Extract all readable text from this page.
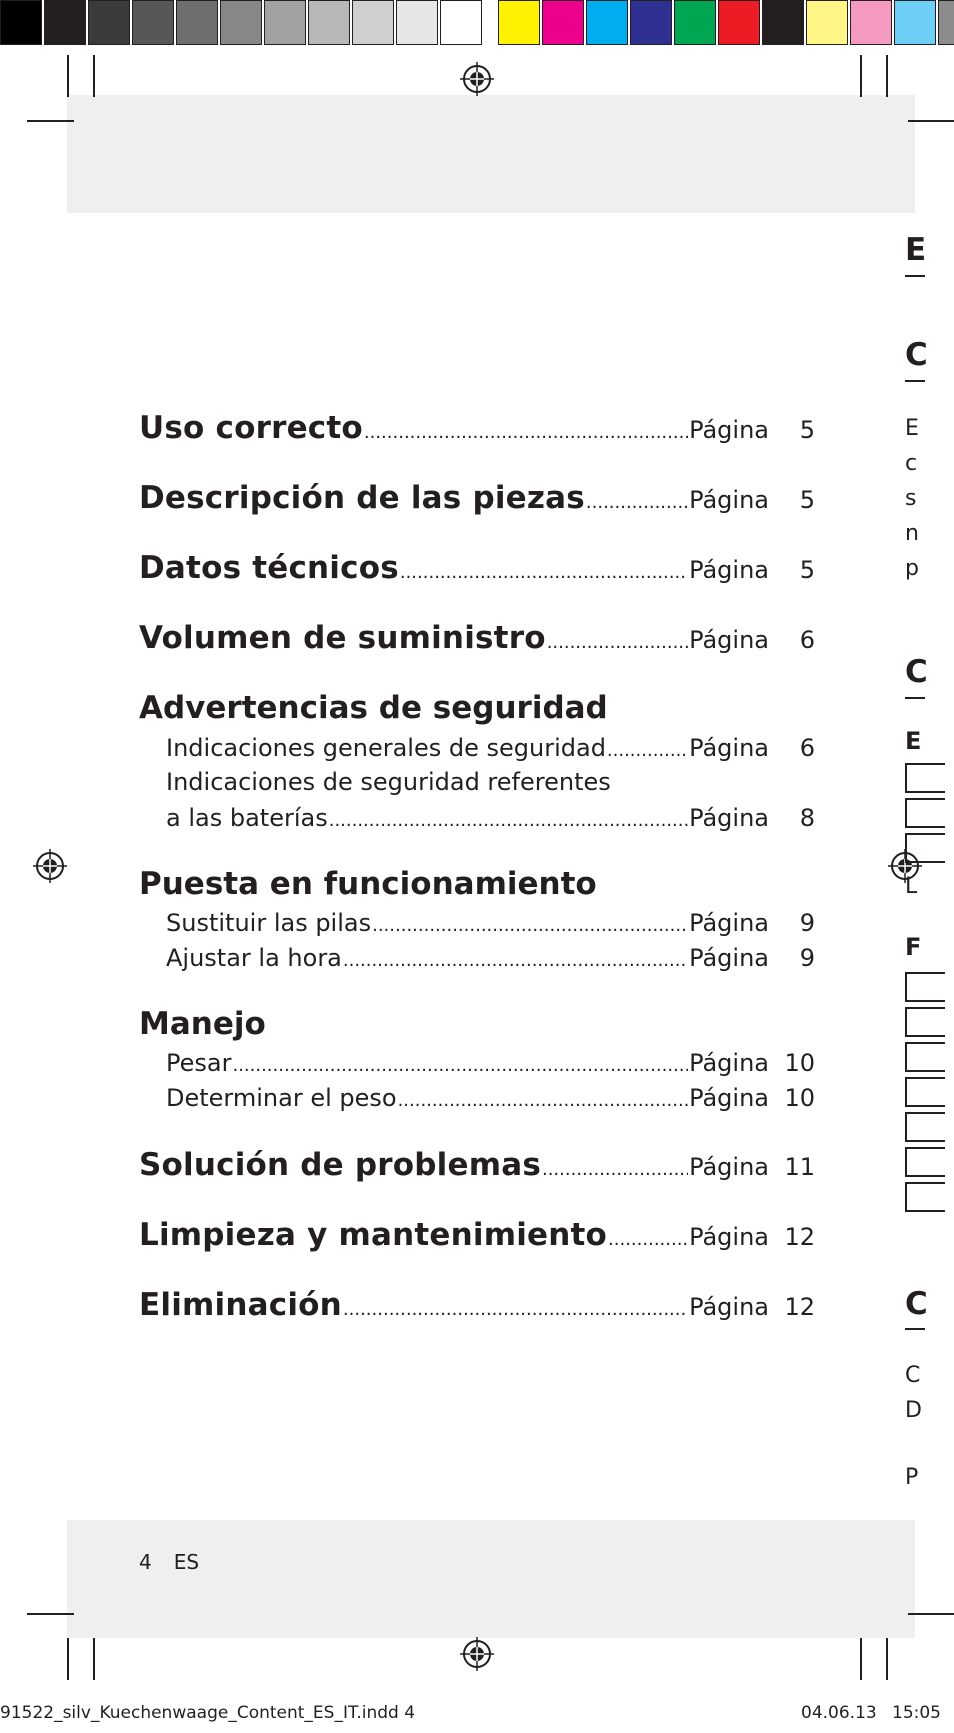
Uso correcto .....	Página	5
Descripción de las piezas .....	Página	5
Datos técnicos .....	Página	5
Volumen de suministro .....	Página	6
Advertencias de seguridad
Indicaciones generales de seguridad .....	Página	6
Indicaciones de seguridad referentes
a las baterías .....	Página	8
Puesta en funcionamiento
Sustituir las pilas .....	Página	9
Ajustar la hora .....	Página	9
Manejo
Pesar .....	Página 10
Determinar el peso .....	Página 10
Solución de problemas .....	Página 11
Limpieza y mantenimiento .....	Página 12
Eliminación .....	Página 12
4 ES
91522_silv_Kuechenwaage_Content_ES_IT.indd 4	04.06.13 15:05
E
C
E
c
s
n
p
C
E
L
F
C
C
D
P
